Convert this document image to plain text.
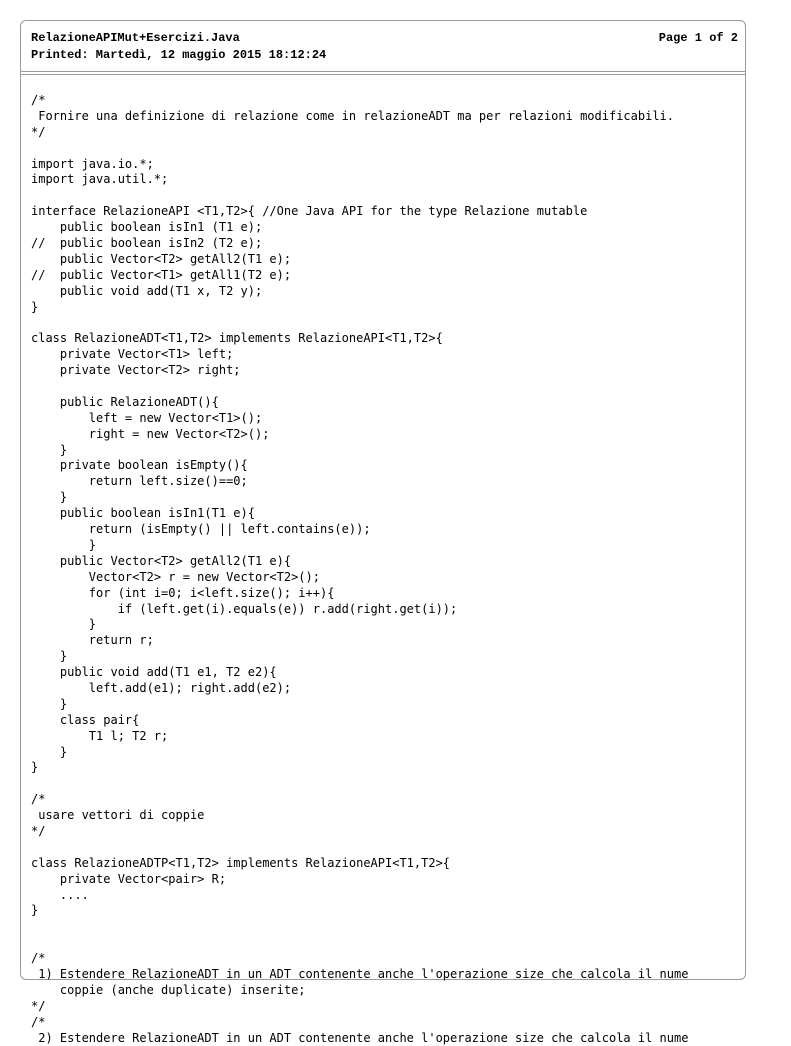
RelazioneAPIMut+Esercizi.Java
Printed: Martedì, 12 maggio 2015 18:12:24
Page 1 of 2
/*
Fornire una definizione di relazione come in relazioneADT ma per relazioni modificabili.
*/
import java.io.*;
import java.util.*;
interface RelazioneAPI <T1,T2>{ //One Java API for the type Relazione mutable
public boolean isIn1 (T1 e);
//  public boolean isIn2 (T2 e);
public Vector<T2> getAll2(T1 e);
//  public Vector<T1> getAll1(T2 e);
public void add(T1 x, T2 y);
}
class RelazioneADT<T1,T2> implements RelazioneAPI<T1,T2>{
private Vector<T1> left;
private Vector<T2> right;
public RelazioneADT(){
left = new Vector<T1>();
right = new Vector<T2>();
}
private boolean isEmpty(){
return left.size()==0;
}
public boolean isIn1(T1 e){
return (isEmpty() || left.contains(e));
}
public Vector<T2> getAll2(T1 e){
Vector<T2> r = new Vector<T2>();
for (int i=0; i<left.size(); i++){
if (left.get(i).equals(e)) r.add(right.get(i));
}
return r;
}
public void add(T1 e1, T2 e2){
left.add(e1); right.add(e2);
}
class pair{
T1 l; T2 r;
}
}
/*
usare vettori di coppie
*/
class RelazioneADTP<T1,T2> implements RelazioneAPI<T1,T2>{
private Vector<pair> R;
....
}
/*
1) Estendere RelazioneADT in un ADT contenente anche l'operazione size che calcola il nume
coppie (anche duplicate) inserite;
*/
/*
2) Estendere RelazioneADT in un ADT contenente anche l'operazione size che calcola il nume
